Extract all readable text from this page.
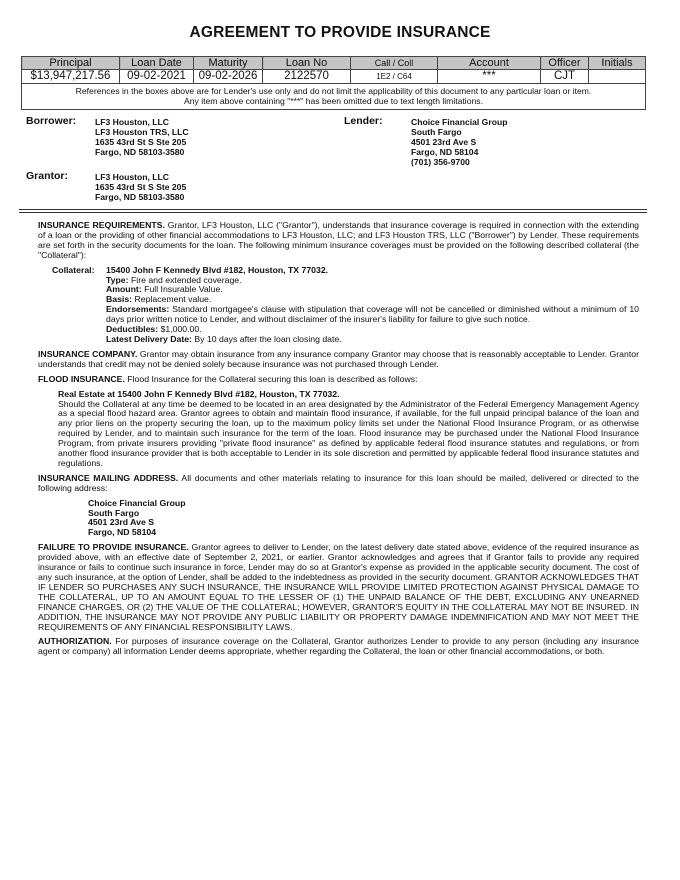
AGREEMENT TO PROVIDE INSURANCE
Principal	Loan Date	Maturity	Loan No	Call / Coll	Account	Officer	Initials
$13,947,217.56	09-02-2021	09-02-2026	2122570	1E2 / C64	***	CJT	

References in the boxes above are for Lender's use only and do not limit the applicability of this document to any particular loan or item.
Any item above containing "***" has been omitted due to text length limitations.							
Borrower: LF3 Houston, LLC
LF3 Houston TRS, LLC
1635 43rd St S Ste 205
Fargo, ND 58103-3580
Lender:	Choice Financial Group
South Fargo
4501 23rd Ave S
Fargo, ND 58104
(701) 356-9700
Grantor:	LF3 Houston, LLC
1635 43rd St S Ste 205
Fargo, ND 58103-3580

INSURANCE REQUIREMENTS. Grantor, LF3 Houston, LLC ("Grantor"), understands that insurance coverage is required in connection with the extending of a loan or the providing of other financial accommodations to LF3 Houston, LLC; and LF3 Houston TRS, LLC ("Borrower") by Lender. These requirements are set forth in the security documents for the loan. The following minimum insurance coverages must be provided on the following described collateral (the "Collateral"):

Collateral: 15400 John F Kennedy Blvd #182, Houston, TX 77032.
Type: Fire and extended coverage.
Amount: Full Insurable Value.
Basis: Replacement value.
Endorsements: Standard mortgagee's clause with stipulation that coverage will not be cancelled or diminished without a minimum of 10 days prior written notice to Lender, and without disclaimer of the insurer's liability for failure to give such notice.
Deductibles: $1,000.00.
Latest Delivery Date: By 10 days after the loan closing date.

INSURANCE COMPANY. Grantor may obtain insurance from any insurance company Grantor may choose that is reasonably acceptable to Lender. Grantor understands that credit may not be denied solely because insurance was not purchased through Lender.

FLOOD INSURANCE. Flood Insurance for the Collateral securing this loan is described as follows:

Real Estate at 15400 John F Kennedy Blvd #182, Houston, TX 77032.
Should the Collateral at any time be deemed to be located in an area designated by the Administrator of the Federal Emergency Management Agency as a special flood hazard area. Grantor agrees to obtain and maintain flood insurance, if available, for the full unpaid principal balance of the loan and any prior liens on the property securing the loan, up to the maximum policy limits set under the National Flood Insurance Program, or as otherwise required by Lender, and to maintain such insurance for the term of the loan. Flood insurance may be purchased under the National Flood Insurance Program, from private insurers providing "private flood insurance" as defined by applicable federal flood insurance statutes and regulations, or from another flood insurance provider that is both acceptable to Lender in its sole discretion and permitted by applicable federal flood insurance statutes and regulations.

INSURANCE MAILING ADDRESS. All documents and other materials relating to insurance for this loan should be mailed, delivered or directed to the following address:

Choice Financial Group
South Fargo
4501 23rd Ave S
Fargo, ND 58104

FAILURE TO PROVIDE INSURANCE. Grantor agrees to deliver to Lender, on the latest delivery date stated above, evidence of the required insurance as provided above, with an effective date of September 2, 2021, or earlier. Grantor acknowledges and agrees that if Grantor fails to provide any required insurance or fails to continue such insurance in force, Lender may do so at Grantor's expense as provided in the applicable security document. The cost of any such insurance, at the option of Lender, shall be added to the indebtedness as provided in the security document. GRANTOR ACKNOWLEDGES THAT IF LENDER SO PURCHASES ANY SUCH INSURANCE, THE INSURANCE WILL PROVIDE LIMITED PROTECTION AGAINST PHYSICAL DAMAGE TO THE COLLATERAL, UP TO AN AMOUNT EQUAL TO THE LESSER OF (1) THE UNPAID BALANCE OF THE DEBT, EXCLUDING ANY UNEARNED FINANCE CHARGES, OR (2) THE VALUE OF THE COLLATERAL; HOWEVER, GRANTOR'S EQUITY IN THE COLLATERAL MAY NOT BE INSURED. IN ADDITION, THE INSURANCE MAY NOT PROVIDE ANY PUBLIC LIABILITY OR PROPERTY DAMAGE INDEMNIFICATION AND MAY NOT MEET THE REQUIREMENTS OF ANY FINANCIAL RESPONSIBILITY LAWS.

AUTHORIZATION. For purposes of insurance coverage on the Collateral, Grantor authorizes Lender to provide to any person (including any insurance agent or company) all information Lender deems appropriate, whether regarding the Collateral, the loan or other financial accommodations, or both.
